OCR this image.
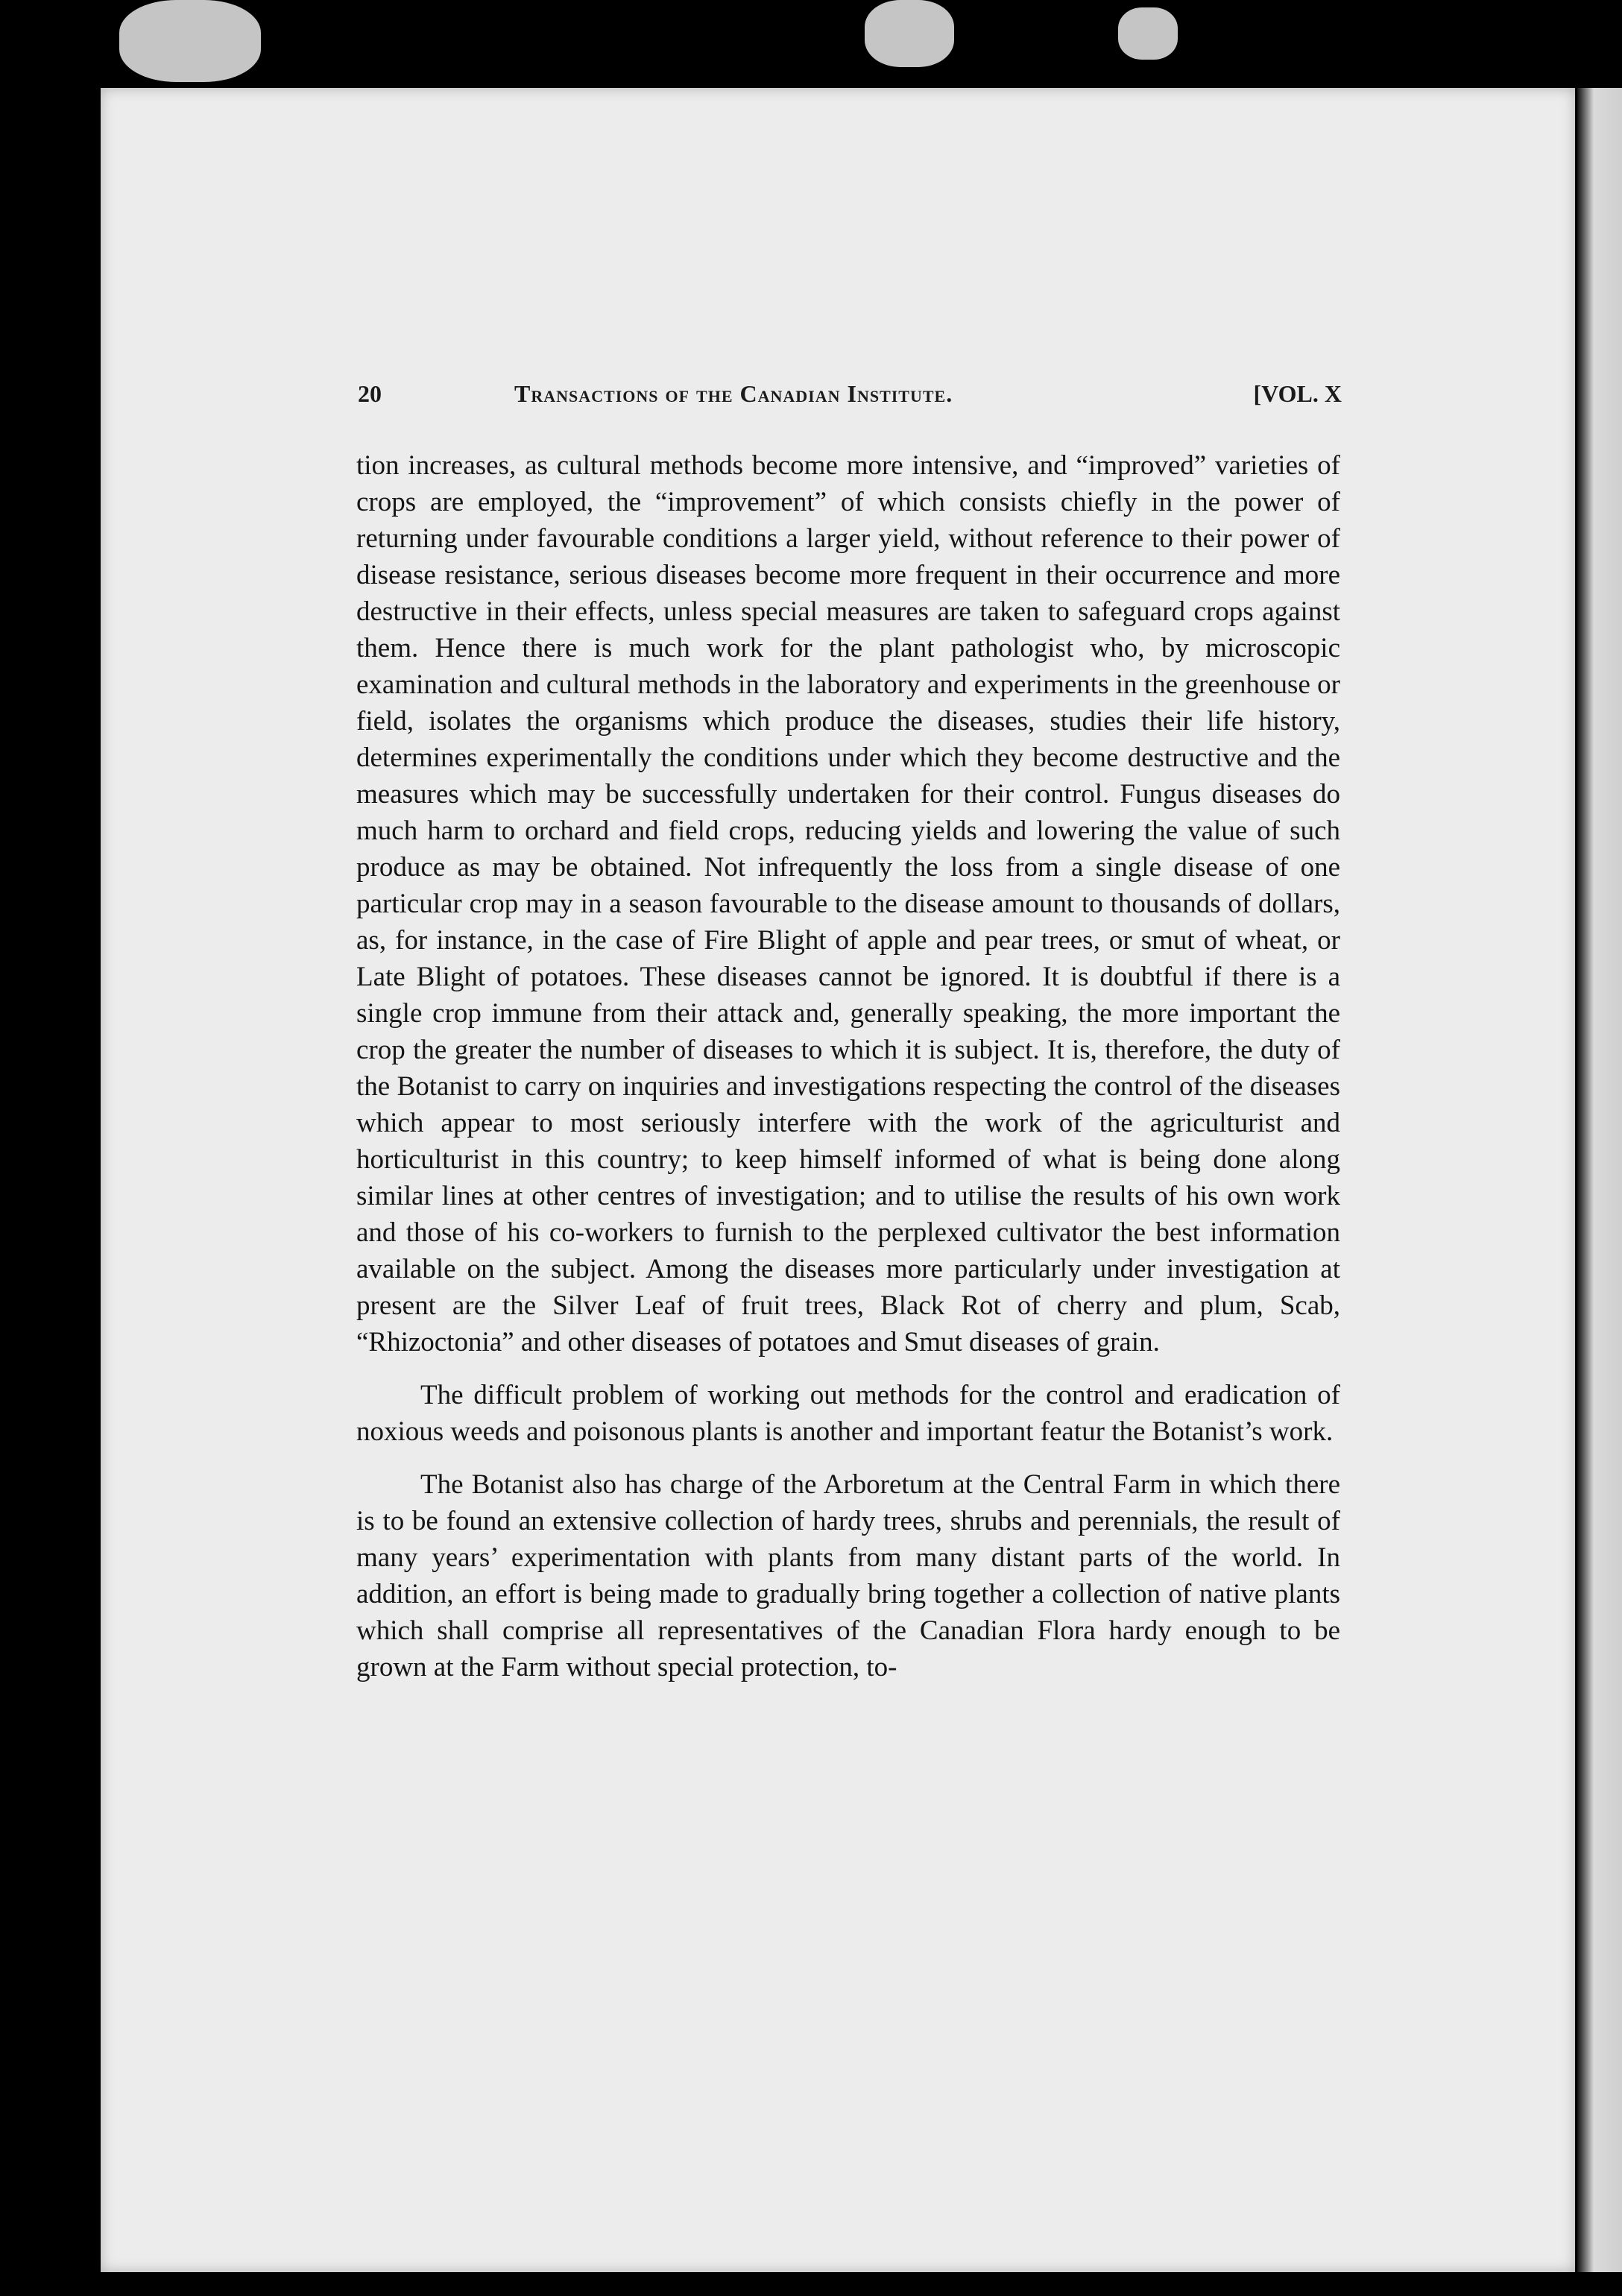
20	Transactions of the Canadian Institute.	[VOL. X

tion increases, as cultural methods become more intensive, and “improved” varieties of crops are employed, the “improvement” of which consists chiefly in the power of returning under favourable conditions a larger yield, without reference to their power of disease resistance, serious diseases become more frequent in their occurrence and more destructive in their effects, unless special measures are taken to safeguard crops against them. Hence there is much work for the plant pathologist who, by microscopic examination and cultural methods in the laboratory and experiments in the greenhouse or field, isolates the organisms which produce the diseases, studies their life history, determines experimentally the conditions under which they become destructive and the measures which may be successfully undertaken for their control. Fungus diseases do much harm to orchard and field crops, reducing yields and lowering the value of such produce as may be obtained. Not infrequently the loss from a single disease of one particular crop may in a season favourable to the disease amount to thousands of dollars, as, for instance, in the case of Fire Blight of apple and pear trees, or smut of wheat, or Late Blight of potatoes. These diseases cannot be ignored. It is doubtful if there is a single crop immune from their attack and, generally speaking, the more important the crop the greater the number of diseases to which it is subject. It is, therefore, the duty of the Botanist to carry on inquiries and investigations respecting the control of the diseases which appear to most seriously interfere with the work of the agriculturist and horticulturist in this country; to keep himself informed of what is being done along similar lines at other centres of investigation; and to utilise the results of his own work and those of his co-workers to furnish to the perplexed cultivator the best information available on the subject. Among the diseases more particularly under investigation at present are the Silver Leaf of fruit trees, Black Rot of cherry and plum, Scab, “Rhizoctonia” and other diseases of potatoes and Smut diseases of grain.

The difficult problem of working out methods for the control and eradication of noxious weeds and poisonous plants is another and important featur the Botanist’s work.

The Botanist also has charge of the Arboretum at the Central Farm in which there is to be found an extensive collection of hardy trees, shrubs and perennials, the result of many years’ experimentation with plants from many distant parts of the world. In addition, an effort is being made to gradually bring together a collection of native plants which shall comprise all representatives of the Canadian Flora hardy enough to be grown at the Farm without special protection, to-
